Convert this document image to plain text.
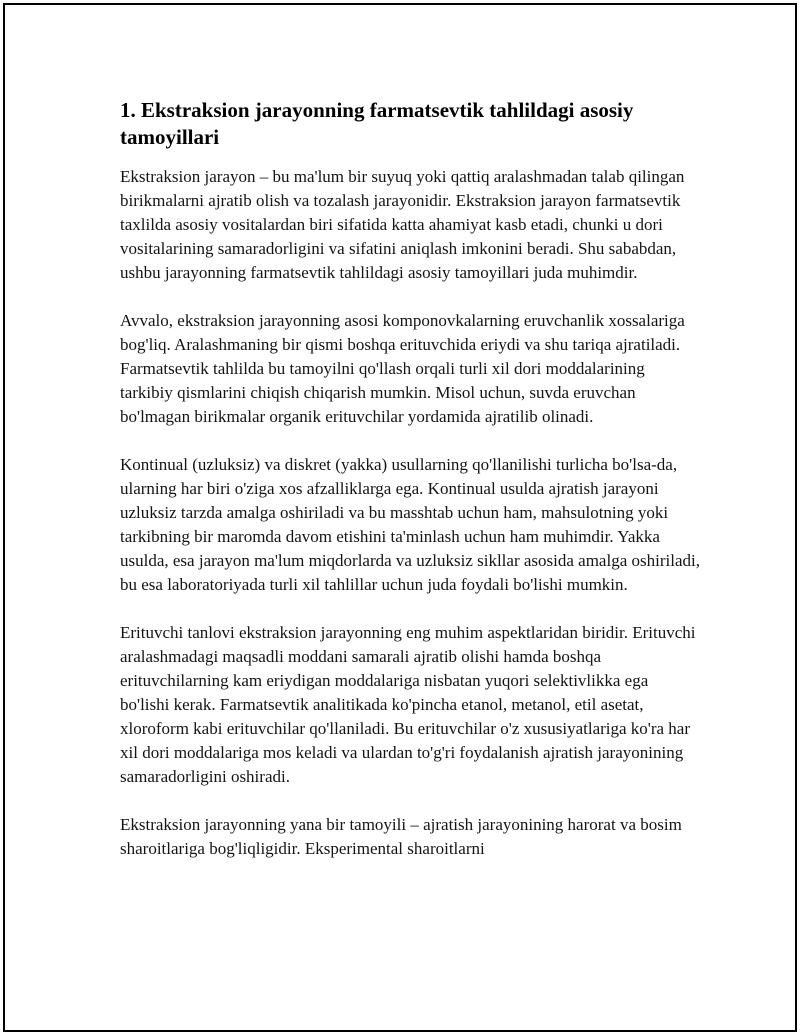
1. Ekstraksion jarayonning farmatsevtik tahlildagi asosiy tamoyillari

Ekstraksion jarayon – bu ma'lum bir suyuq yoki qattiq aralashmadan talab qilingan birikmalarni ajratib olish va tozalash jarayonidir. Ekstraksion jarayon farmatsevtik taxlilda asosiy vositalardan biri sifatida katta ahamiyat kasb etadi, chunki u dori vositalarining samaradorligini va sifatini aniqlash imkonini beradi. Shu sababdan, ushbu jarayonning farmatsevtik tahlildagi asosiy tamoyillari juda muhimdir.

Avvalo, ekstraksion jarayonning asosi komponovkalarning eruvchanlik xossalariga bog'liq. Aralashmaning bir qismi boshqa erituvchida eriydi va shu tariqa ajratiladi. Farmatsevtik tahlilda bu tamoyilni qo'llash orqali turli xil dori moddalarining tarkibiy qismlarini chiqish chiqarish mumkin. Misol uchun, suvda eruvchan bo'lmagan birikmalar organik erituvchilar yordamida ajratilib olinadi.

Kontinual (uzluksiz) va diskret (yakka) usullarning qo'llanilishi turlicha bo'lsa-da, ularning har biri o'ziga xos afzalliklarga ega. Kontinual usulda ajratish jarayoni uzluksiz tarzda amalga oshiriladi va bu masshtab uchun ham, mahsulotning yoki tarkibning bir maromda davom etishini ta'minlash uchun ham muhimdir. Yakka usulda, esa jarayon ma'lum miqdorlarda va uzluksiz sikllar asosida amalga oshiriladi, bu esa laboratoriyada turli xil tahlillar uchun juda foydali bo'lishi mumkin.

Erituvchi tanlovi ekstraksion jarayonning eng muhim aspektlaridan biridir. Erituvchi aralashmadagi maqsadli moddani samarali ajratib olishi hamda boshqa erituvchilarning kam eriydigan moddalariga nisbatan yuqori selektivlikka ega bo'lishi kerak. Farmatsevtik analitikada ko'pincha etanol, metanol, etil asetat, xloroform kabi erituvchilar qo'llaniladi. Bu erituvchilar o'z xususiyatlariga ko'ra har xil dori moddalariga mos keladi va ulardan to'g'ri foydalanish ajratish jarayonining samaradorligini oshiradi.

Ekstraksion jarayonning yana bir tamoyili – ajratish jarayonining harorat va bosim sharoitlariga bog'liqligidir. Eksperimental sharoitlarni
